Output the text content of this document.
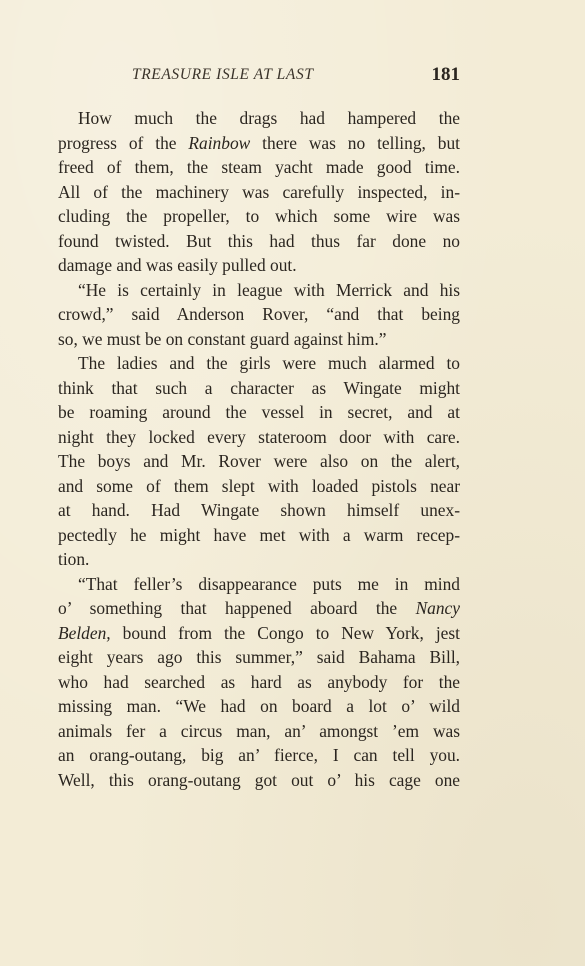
TREASURE ISLE AT LAST	181

How much the drags had hampered the
progress of the Rainbow there was no telling, but
freed of them, the steam yacht made good time.
All of the machinery was carefully inspected, in-
cluding the propeller, to which some wire was
found twisted. But this had thus far done no
damage and was easily pulled out.

“He is certainly in league with Merrick and his
crowd,” said Anderson Rover, “and that being
so, we must be on constant guard against him.”

The ladies and the girls were much alarmed to
think that such a character as Wingate might
be roaming around the vessel in secret, and at
night they locked every stateroom door with care.
The boys and Mr. Rover were also on the alert,
and some of them slept with loaded pistols near
at hand. Had Wingate shown himself unex-
pectedly he might have met with a warm recep-
tion.

“That feller’s disappearance puts me in mind
o’ something that happened aboard the Nancy
Belden, bound from the Congo to New York, jest
eight years ago this summer,” said Bahama Bill,
who had searched as hard as anybody for the
missing man. “We had on board a lot o’ wild
animals fer a circus man, an’ amongst ’em was
an orang-outang, big an’ fierce, I can tell you.
Well, this orang-outang got out o’ his cage one
